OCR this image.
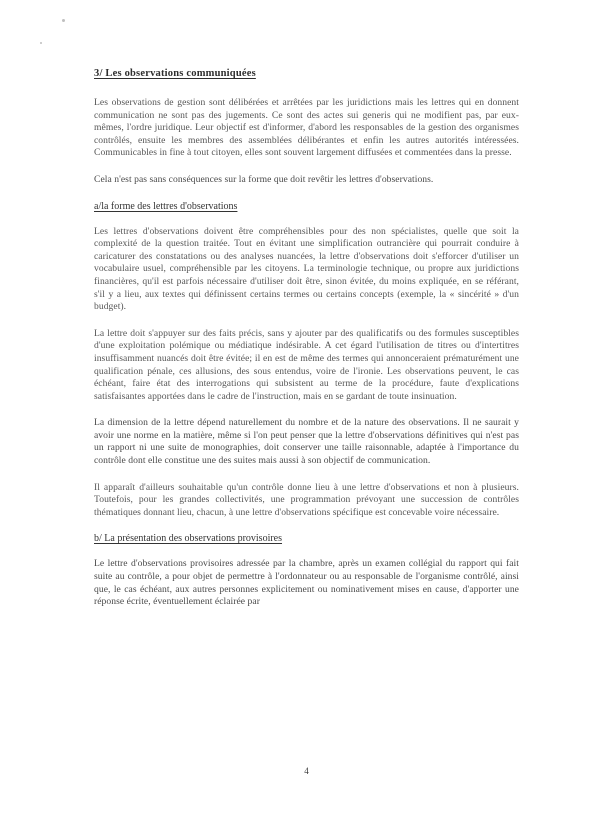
3/ Les observations communiquées

Les observations de gestion sont délibérées et arrêtées par les juridictions mais les lettres qui en donnent communication ne sont pas des jugements. Ce sont des actes sui generis qui ne modifient pas, par eux-mêmes, l'ordre juridique. Leur objectif est d'informer, d'abord les responsables de la gestion des organismes contrôlés, ensuite les membres des assemblées délibérantes et enfin les autres autorités intéressées. Communicables in fine à tout citoyen, elles sont souvent largement diffusées et commentées dans la presse.

Cela n'est pas sans conséquences sur la forme que doit revêtir les lettres d'observations.

a/la forme des lettres d'observations

Les lettres d'observations doivent être compréhensibles pour des non spécialistes, quelle que soit la complexité de la question traitée. Tout en évitant une simplification outrancière qui pourrait conduire à caricaturer des constatations ou des analyses nuancées, la lettre d'observations doit s'efforcer d'utiliser un vocabulaire usuel, compréhensible par les citoyens. La terminologie technique, ou propre aux juridictions financières, qu'il est parfois nécessaire d'utiliser doit être, sinon évitée, du moins expliquée, en se référant, s'il y a lieu, aux textes qui définissent certains termes ou certains concepts (exemple, la « sincérité » d'un budget).

La lettre doit s'appuyer sur des faits précis, sans y ajouter par des qualificatifs ou des formules susceptibles d'une exploitation polémique ou médiatique indésirable. A cet égard l'utilisation de titres ou d'intertitres insuffisamment nuancés doit être évitée; il en est de même des termes qui annonceraient prématurément une qualification pénale, ces allusions, des sous entendus, voire de l'ironie. Les observations peuvent, le cas échéant, faire état des interrogations qui subsistent au terme de la procédure, faute d'explications satisfaisantes apportées dans le cadre de l'instruction, mais en se gardant de toute insinuation.

La dimension de la lettre dépend naturellement du nombre et de la nature des observations. Il ne saurait y avoir une norme en la matière, même si l'on peut penser que la lettre d'observations définitives qui n'est pas un rapport ni une suite de monographies, doit conserver une taille raisonnable, adaptée à l'importance du contrôle dont elle constitue une des suites mais aussi à son objectif de communication.

Il apparaît d'ailleurs souhaitable qu'un contrôle donne lieu à une lettre d'observations et non à plusieurs. Toutefois, pour les grandes collectivités, une programmation prévoyant une succession de contrôles thématiques donnant lieu, chacun, à une lettre d'observations spécifique est concevable voire nécessaire.

b/ La présentation des observations provisoires

Le lettre d'observations provisoires adressée par la chambre, après un examen collégial du rapport qui fait suite au contrôle, a pour objet de permettre à l'ordonnateur ou au responsable de l'organisme contrôlé, ainsi que, le cas échéant, aux autres personnes explicitement ou nominativement mises en cause, d'apporter une réponse écrite, éventuellement éclairée par

4
